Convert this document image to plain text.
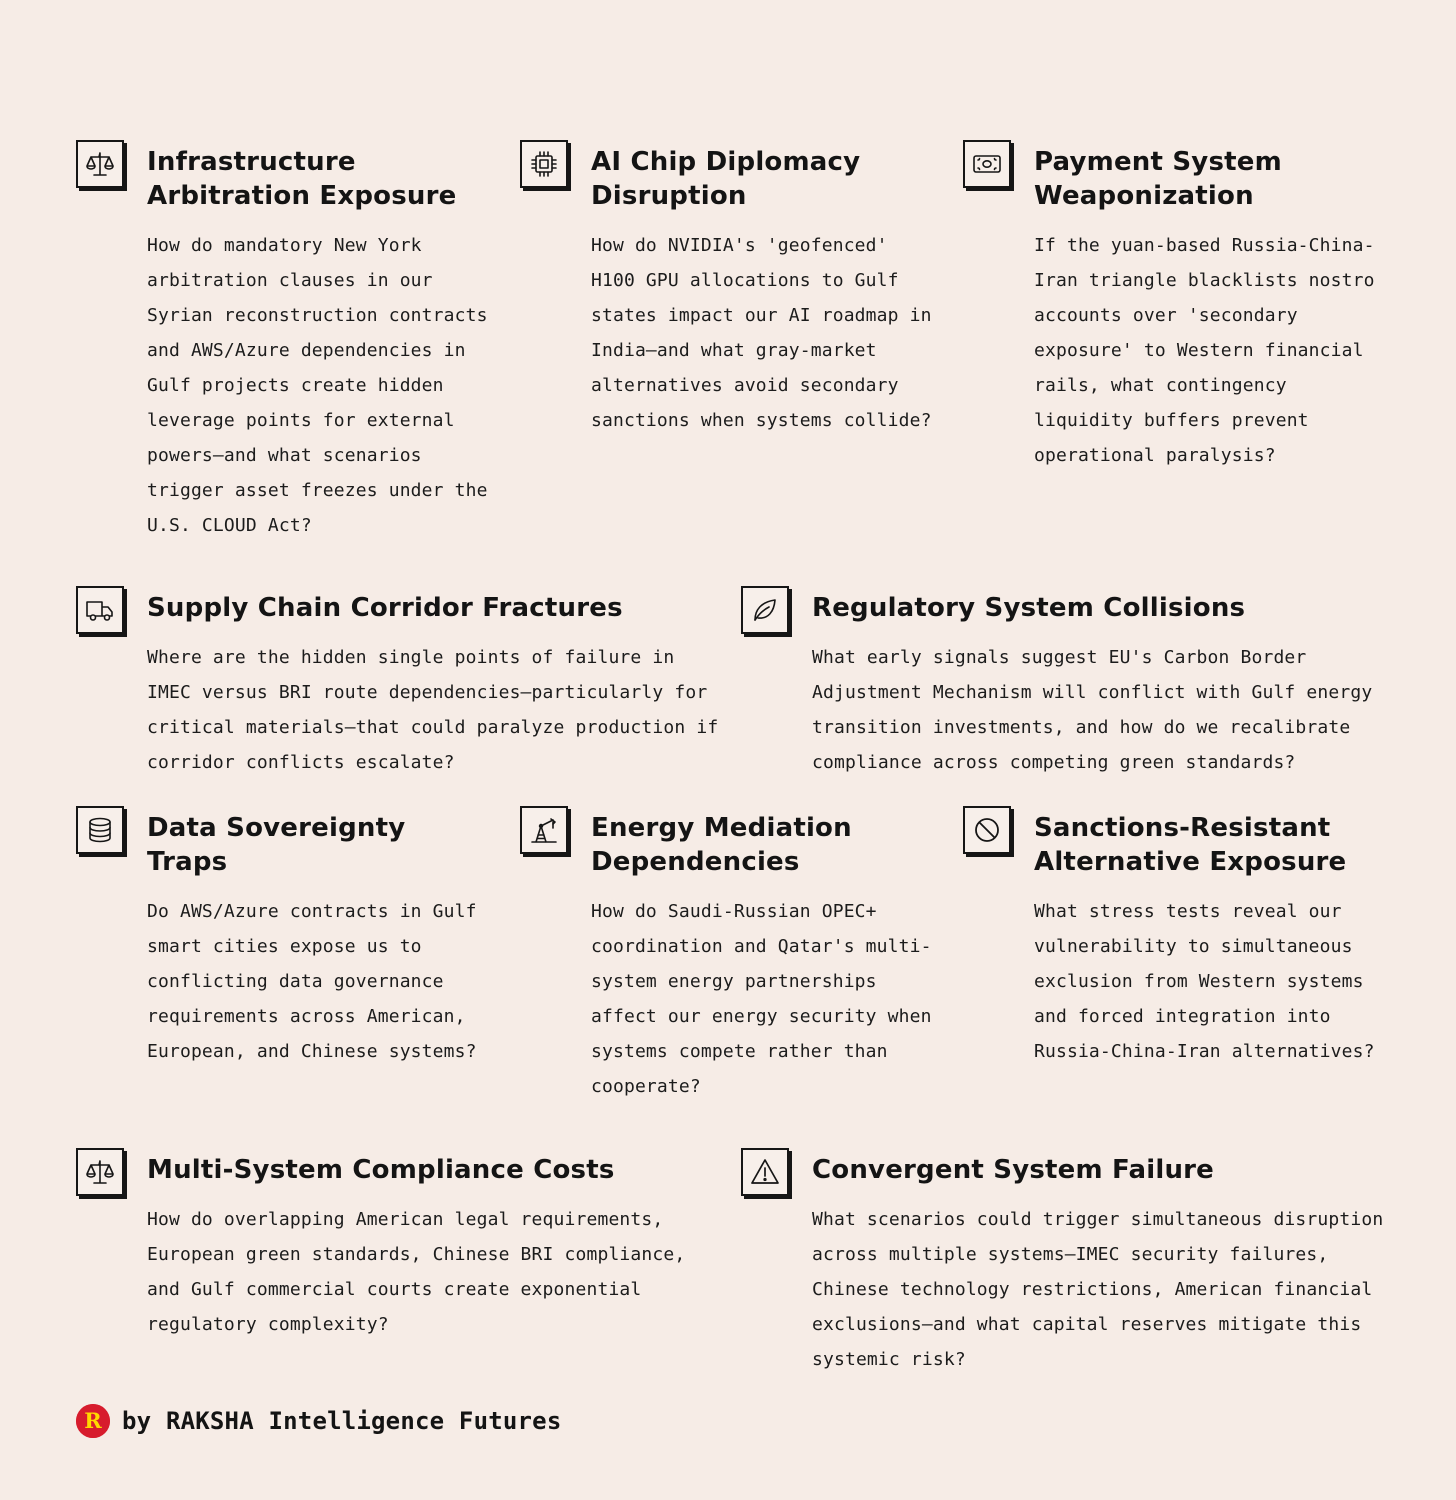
Infrastructure Arbitration Exposure

How do mandatory New York arbitration clauses in our Syrian reconstruction contracts and AWS/Azure dependencies in Gulf projects create hidden leverage points for external powers—and what scenarios trigger asset freezes under the U.S. CLOUD Act?

AI Chip Diplomacy Disruption

How do NVIDIA's 'geofenced' H100 GPU allocations to Gulf states impact our AI roadmap in India—and what gray-market alternatives avoid secondary sanctions when systems collide?

Payment System Weaponization

If the yuan-based Russia-China-Iran triangle blacklists nostro accounts over 'secondary exposure' to Western financial rails, what contingency liquidity buffers prevent operational paralysis?

Supply Chain Corridor Fractures

Where are the hidden single points of failure in IMEC versus BRI route dependencies—particularly for critical materials—that could paralyze production if corridor conflicts escalate?

Regulatory System Collisions

What early signals suggest EU's Carbon Border Adjustment Mechanism will conflict with Gulf energy transition investments, and how do we recalibrate compliance across competing green standards?

Data Sovereignty Traps

Do AWS/Azure contracts in Gulf smart cities expose us to conflicting data governance requirements across American, European, and Chinese systems?

Energy Mediation Dependencies

How do Saudi-Russian OPEC+ coordination and Qatar's multi-system energy partnerships affect our energy security when systems compete rather than cooperate?

Sanctions-Resistant Alternative Exposure

What stress tests reveal our vulnerability to simultaneous exclusion from Western systems and forced integration into Russia-China-Iran alternatives?

Multi-System Compliance Costs

How do overlapping American legal requirements, European green standards, Chinese BRI compliance, and Gulf commercial courts create exponential regulatory complexity?

Convergent System Failure

What scenarios could trigger simultaneous disruption across multiple systems—IMEC security failures, Chinese technology restrictions, American financial exclusions—and what capital reserves mitigate this systemic risk?

R by RAKSHA Intelligence Futures
